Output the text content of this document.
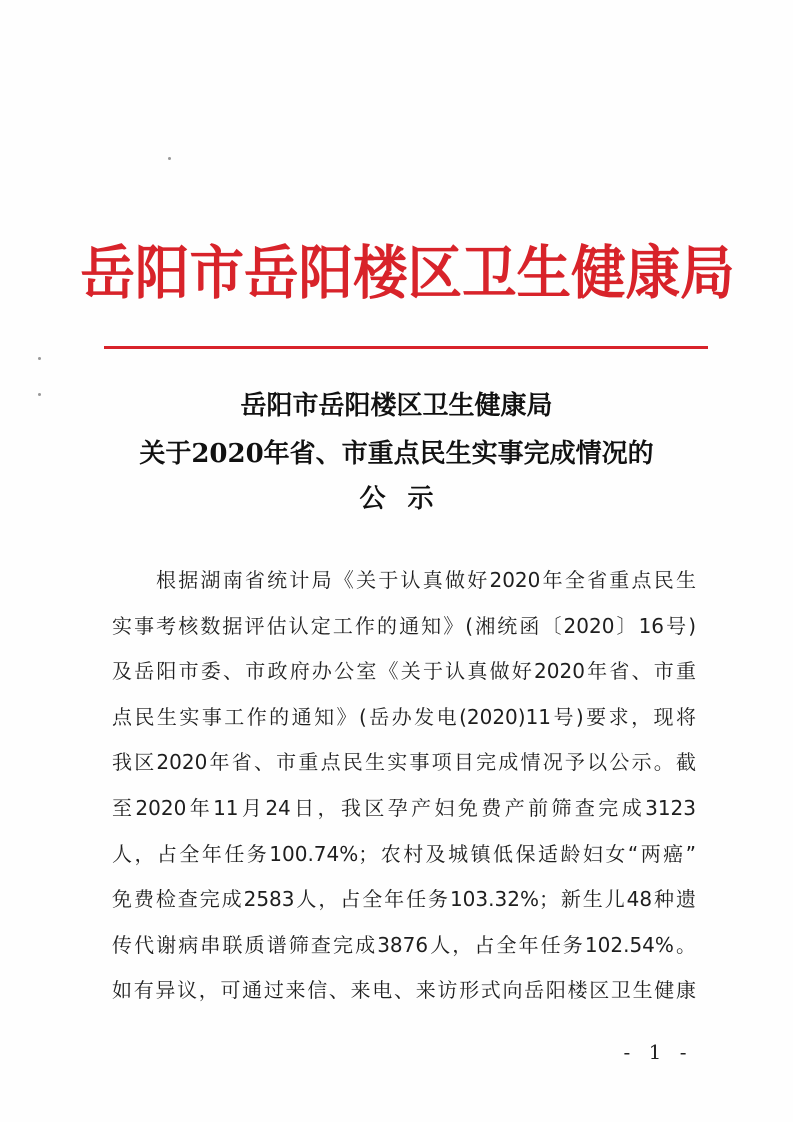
岳阳市岳阳楼区卫生健康局
岳阳市岳阳楼区卫生健康局
关于2020年省、市重点民生实事完成情况的
公示
根据湖南省统计局《关于认真做好2020年全省重点民生
实事考核数据评估认定工作的通知》(湘统函〔2020〕16号)
及岳阳市委、市政府办公室《关于认真做好2020年省、市重
点民生实事工作的通知》(岳办发电(2020)11号)要求，现将
我区2020年省、市重点民生实事项目完成情况予以公示。截
至2020年11月24日，我区孕产妇免费产前筛查完成3123
人，占全年任务100.74%；农村及城镇低保适龄妇女“两癌”
免费检查完成2583人，占全年任务103.32%；新生儿48种遗
传代谢病串联质谱筛查完成3876人，占全年任务102.54%。
如有异议，可通过来信、来电、来访形式向岳阳楼区卫生健康
- 1 -
